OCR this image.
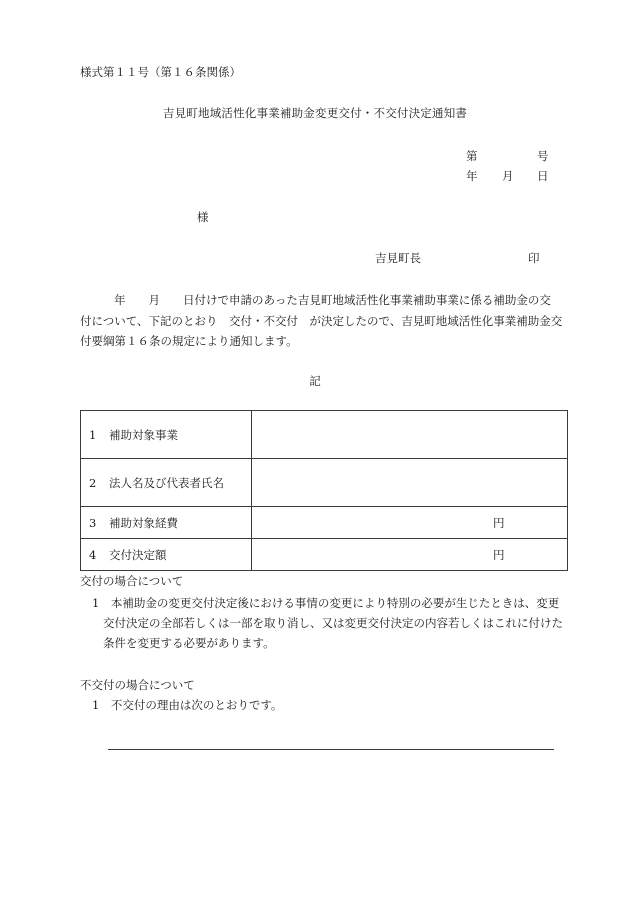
様式第１１号（第１６条関係）
吉見町地域活性化事業補助金変更交付・不交付決定通知書
第	号
年 月 日
様
吉見町長	印
年　　月　　日付けで申請のあった吉見町地域活性化事業補助事業に係る補助金の交
付について、下記のとおり　交付・不交付　が決定したので、吉見町地域活性化事業補助金交
付要綱第１６条の規定により通知します。
記
1 補助対象事業	

2 法人名及び代表者氏名	

3 補助対象経費	円

4 交付決定額	円
交付の場合について
1　本補助金の変更交付決定後における事情の変更により特別の必要が生じたときは、変更
交付決定の全部若しくは一部を取り消し、又は変更交付決定の内容若しくはこれに付けた
条件を変更する必要があります。
不交付の場合について
1　不交付の理由は次のとおりです。
